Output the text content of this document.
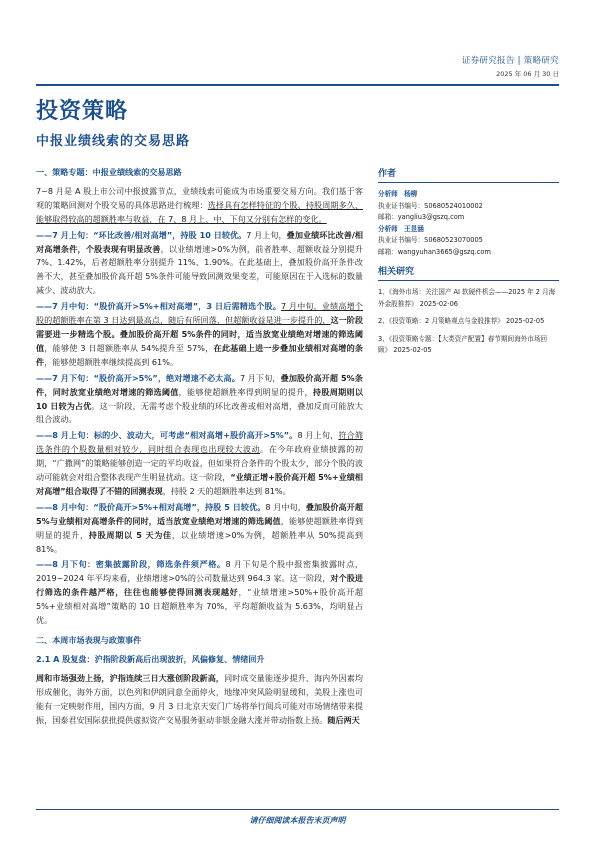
证券研究报告 | 策略研究
2025 年 06 月 30 日
投资策略
中报业绩线索的交易思路

一、策略专题：中报业绩线索的交易思路

7~8 月是 A 股上市公司中报披露节点，业绩线索可能成为市场重要交易方向。我们基于客观的策略回测对个股交易的具体思路进行梳理：选择具有怎样特征的个股、持股周期多久、能够取得较高的超额胜率与收益，在 7、8 月上、中、下旬又分别有怎样的变化。

——7 月上旬：“环比改善/相对高增”，持股 10 日较优。7 月上旬，叠加业绩环比改善/相对高增条件，个股表现有明显改善，以业绩增速>0%为例，前者胜率、超额收益分别提升 7%、1.42%，后者超额胜率分别提升 11%、1.90%。在此基础上，叠加股价高开条件改善不大，甚至叠加股价高开超 5%条件可能导致回测效果变差，可能原因在于入选标的数量减少、波动放大。

——7 月中旬：“股价高开>5%+相对高增”，3 日后需精选个股。7 月中旬，业绩高增个股的超额胜率在第 3 日达到最高点，随后有所回落，但超额收益是进一步提升的，这一阶段需要进一步精选个股。叠加股价高开超 5%条件的同时，适当放宽业绩绝对增速的筛选阈值，能够使 3 日超额胜率从 54%提升至 57%，在此基础上进一步叠加业绩相对高增的条件，能够使超额胜率继续提高到 61%。

——7 月下旬：“股价高开>5%”，绝对增速不必太高。7 月下旬，叠加股价高开超 5%条件，同时放宽业绩绝对增速的筛选阈值，能够使超额胜率得到明显的提升，持股周期则以 10 日较为占优。这一阶段，无需考虑个股业绩的环比改善或相对高增，叠加反而可能放大组合波动。

——8 月上旬：标的少、波动大，可考虑“相对高增+股价高开>5%”。8 月上旬，符合筛选条件的个股数量相对较少，同时组合表现也出现较大波动。在今年政府业绩披露的初期，“广撒网”的策略能够创造一定的平均收益，但如果符合条件的个股太少，部分个股的波动可能就会对组合整体表现产生明显扰动。这一阶段，“业绩正增+股价高开超 5%+业绩相对高增”组合取得了不错的回测表现，持股 2 天的超额胜率达到 81%。

——8 月中旬：“股价高开>5%+相对高增”，持股 5 日较优。8 月中旬，叠加股价高开超 5%与业绩相对高增条件的同时，适当放宽业绩绝对增速的筛选阈值，能够使超额胜率得到明显的提升，持股周期以 5 天为佳，以业绩增速>0%为例，超额胜率从 50%提高到 81%。

——8 月下旬：密集披露阶段，筛选条件须严格。8 月下旬是个股中报密集披露时点，2019~2024 年平均来看，业绩增速>0%的公司数量达到 964.3 家。这一阶段，对个股进行筛选的条件越严格，往往也能够使得回测表现越好，“业绩增速>50%+股价高开超 5%+业绩相对高增”策略的 10 日超额胜率为 70%，平均超额收益为 5.63%，均明显占优。

二、本周市场表现与政策事件

2.1 A 股复盘：沪指阶段新高后出现波折，风偏修复、情绪回升

周和市场强劲上扬，沪指连续三日大涨创阶段新高，同时成交量能逐步提升、海内外因素均形成催化，海外方面，以色列和伊朗同意全面停火，地缘冲突风险明显缓和，美股上涨也可能有一定映射作用，国内方面，9 月 3 日北京天安门广场将举行阅兵可能对市场情绪带来提振，国泰君安国际获批提供虚拟资产交易服务驱动非银金融大涨并带动指数上扬。随后两天

作者
分析师 杨柳
执业证书编号：S0680524010002
邮箱：yangliu3@gszq.com
分析师 王昱涵
执业证书编号：S0680523070005
邮箱：wangyuhan3665@gszq.com
相关研究
1、《海外市场：关注国产 AI 软硬件机会——2025 年 2 月海外金股推荐》 2025-02-06
2、《投资策略：2 月策略观点与金股推荐》 2025-02-05
3、《投资策略专题：【大类资产配置】春节期间海外市场回顾》 2025-02-05
请仔细阅读本报告末页声明
